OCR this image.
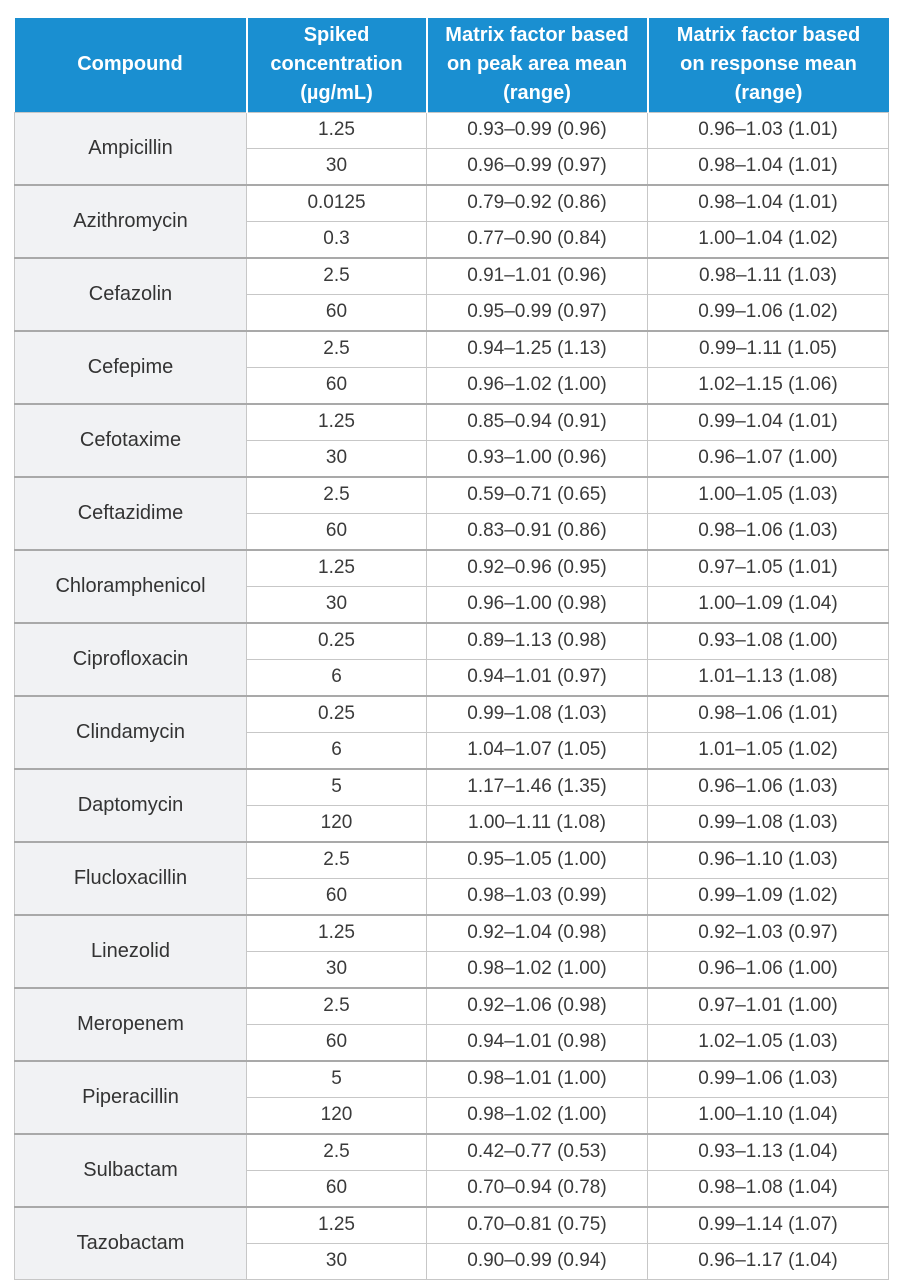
Compound	Spiked
concentration
(µg/mL)	Matrix factor based
on peak area mean
(range)	Matrix factor based
on response mean
(range)

Ampicillin	1.25	0.93–0.99 (0.96)	0.96–1.03 (1.01)
	30	0.96–0.99 (0.97)	0.98–1.04 (1.01)
Azithromycin	0.0125	0.79–0.92 (0.86)	0.98–1.04 (1.01)
	0.3	0.77–0.90 (0.84)	1.00–1.04 (1.02)
Cefazolin	2.5	0.91–1.01 (0.96)	0.98–1.11 (1.03)
	60	0.95–0.99 (0.97)	0.99–1.06 (1.02)
Cefepime	2.5	0.94–1.25 (1.13)	0.99–1.11 (1.05)
	60	0.96–1.02 (1.00)	1.02–1.15 (1.06)
Cefotaxime	1.25	0.85–0.94 (0.91)	0.99–1.04 (1.01)
	30	0.93–1.00 (0.96)	0.96–1.07 (1.00)
Ceftazidime	2.5	0.59–0.71 (0.65)	1.00–1.05 (1.03)
	60	0.83–0.91 (0.86)	0.98–1.06 (1.03)
Chloramphenicol	1.25	0.92–0.96 (0.95)	0.97–1.05 (1.01)
	30	0.96–1.00 (0.98)	1.00–1.09 (1.04)
Ciprofloxacin	0.25	0.89–1.13 (0.98)	0.93–1.08 (1.00)
	6	0.94–1.01 (0.97)	1.01–1.13 (1.08)
Clindamycin	0.25	0.99–1.08 (1.03)	0.98–1.06 (1.01)
	6	1.04–1.07 (1.05)	1.01–1.05 (1.02)
Daptomycin	5	1.17–1.46 (1.35)	0.96–1.06 (1.03)
	120	1.00–1.11 (1.08)	0.99–1.08 (1.03)
Flucloxacillin	2.5	0.95–1.05 (1.00)	0.96–1.10 (1.03)
	60	0.98–1.03 (0.99)	0.99–1.09 (1.02)
Linezolid	1.25	0.92–1.04 (0.98)	0.92–1.03 (0.97)
	30	0.98–1.02 (1.00)	0.96–1.06 (1.00)
Meropenem	2.5	0.92–1.06 (0.98)	0.97–1.01 (1.00)
	60	0.94–1.01 (0.98)	1.02–1.05 (1.03)
Piperacillin	5	0.98–1.01 (1.00)	0.99–1.06 (1.03)
	120	0.98–1.02 (1.00)	1.00–1.10 (1.04)
Sulbactam	2.5	0.42–0.77 (0.53)	0.93–1.13 (1.04)
	60	0.70–0.94 (0.78)	0.98–1.08 (1.04)
Tazobactam	1.25	0.70–0.81 (0.75)	0.99–1.14 (1.07)
	30	0.90–0.99 (0.94)	0.96–1.17 (1.04)
